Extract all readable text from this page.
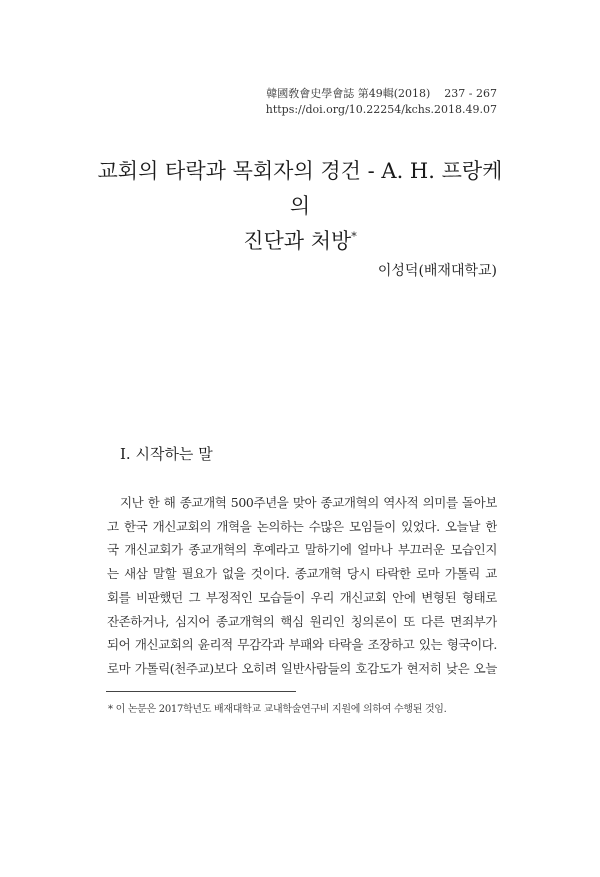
韓國敎會史學會誌 第49輯(2018)    237 - 267
https://doi.org/10.22254/kchs.2018.49.07
교회의 타락과 목회자의 경건 - A. H. 프랑케의
진단과 처방*
이성덕(배재대학교)
I. 시작하는 말
지난 한 해 종교개혁 500주년을 맞아 종교개혁의 역사적 의미를 돌아보
고 한국 개신교회의 개혁을 논의하는 수많은 모임들이 있었다. 오늘날 한
국 개신교회가 종교개혁의 후예라고 말하기에 얼마나 부끄러운 모습인지
는 새삼 말할 필요가 없을 것이다. 종교개혁 당시 타락한 로마 가톨릭 교
회를 비판했던 그 부정적인 모습들이 우리 개신교회 안에 변형된 형태로
잔존하거나, 심지어 종교개혁의 핵심 원리인 칭의론이 또 다른 면죄부가
되어 개신교회의 윤리적 무감각과 부패와 타락을 조장하고 있는 형국이다.
로마 가톨릭(천주교)보다 오히려 일반사람들의 호감도가 현저히 낮은 오늘
* 이 논문은 2017학년도 배재대학교 교내학술연구비 지원에 의하여 수행된 것임.
